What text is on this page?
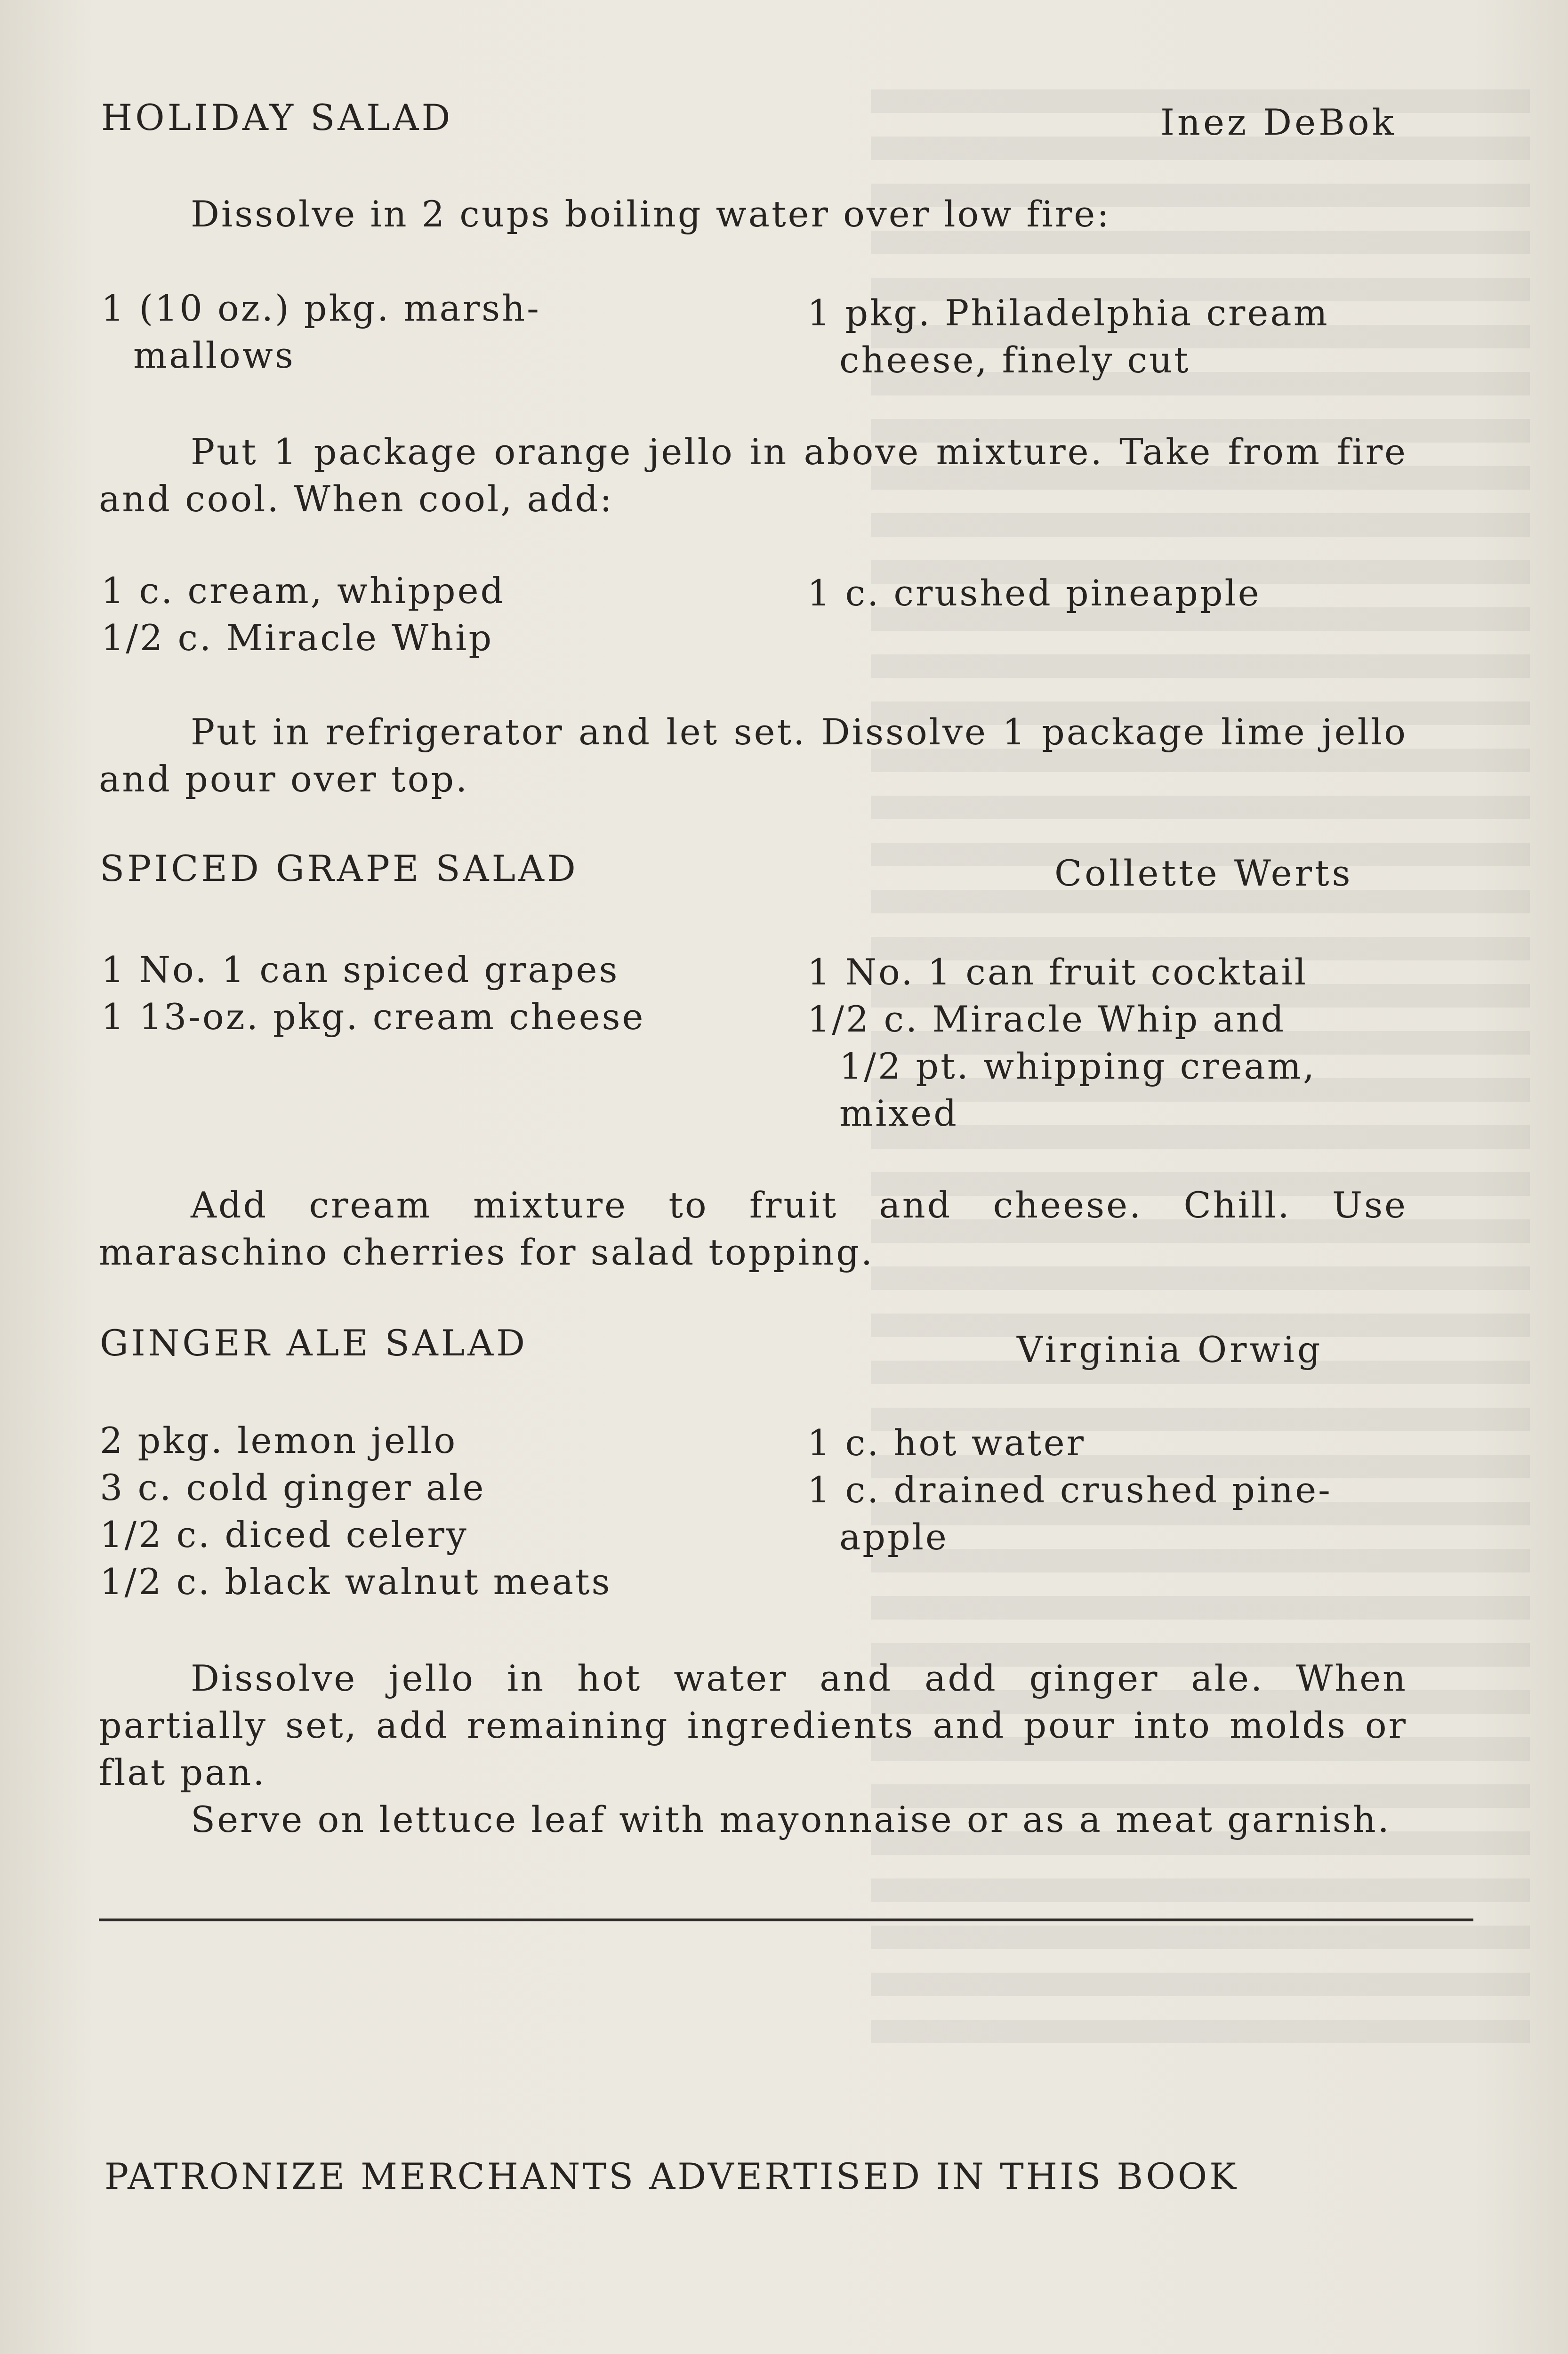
HOLIDAY SALAD	Inez DeBok
Dissolve in 2 cups boiling water over low fire:
1 (10 oz.) pkg. marsh-
mallows
1 pkg. Philadelphia cream
cheese, finely cut
Put 1 package orange jello in above mixture. Take from fire and cool. When cool, add:
1 c. cream, whipped
1/2 c. Miracle Whip
1 c. crushed pineapple
Put in refrigerator and let set. Dissolve 1 package lime jello and pour over top.
SPICED GRAPE SALAD	Collette Werts
1 No. 1 can spiced grapes
1 13-oz. pkg. cream cheese
1 No. 1 can fruit cocktail
1/2 c. Miracle Whip and
1/2 pt. whipping cream,
mixed
Add cream mixture to fruit and cheese. Chill. Use maraschino cherries for salad topping.
GINGER ALE SALAD	Virginia Orwig
2 pkg. lemon jello
3 c. cold ginger ale
1/2 c. diced celery
1/2 c. black walnut meats
1 c. hot water
1 c. drained crushed pine-
apple
Dissolve jello in hot water and add ginger ale. When partially set, add remaining ingredients and pour into molds or flat pan.
Serve on lettuce leaf with mayonnaise or as a meat garnish.
PATRONIZE MERCHANTS ADVERTISED IN THIS BOOK
